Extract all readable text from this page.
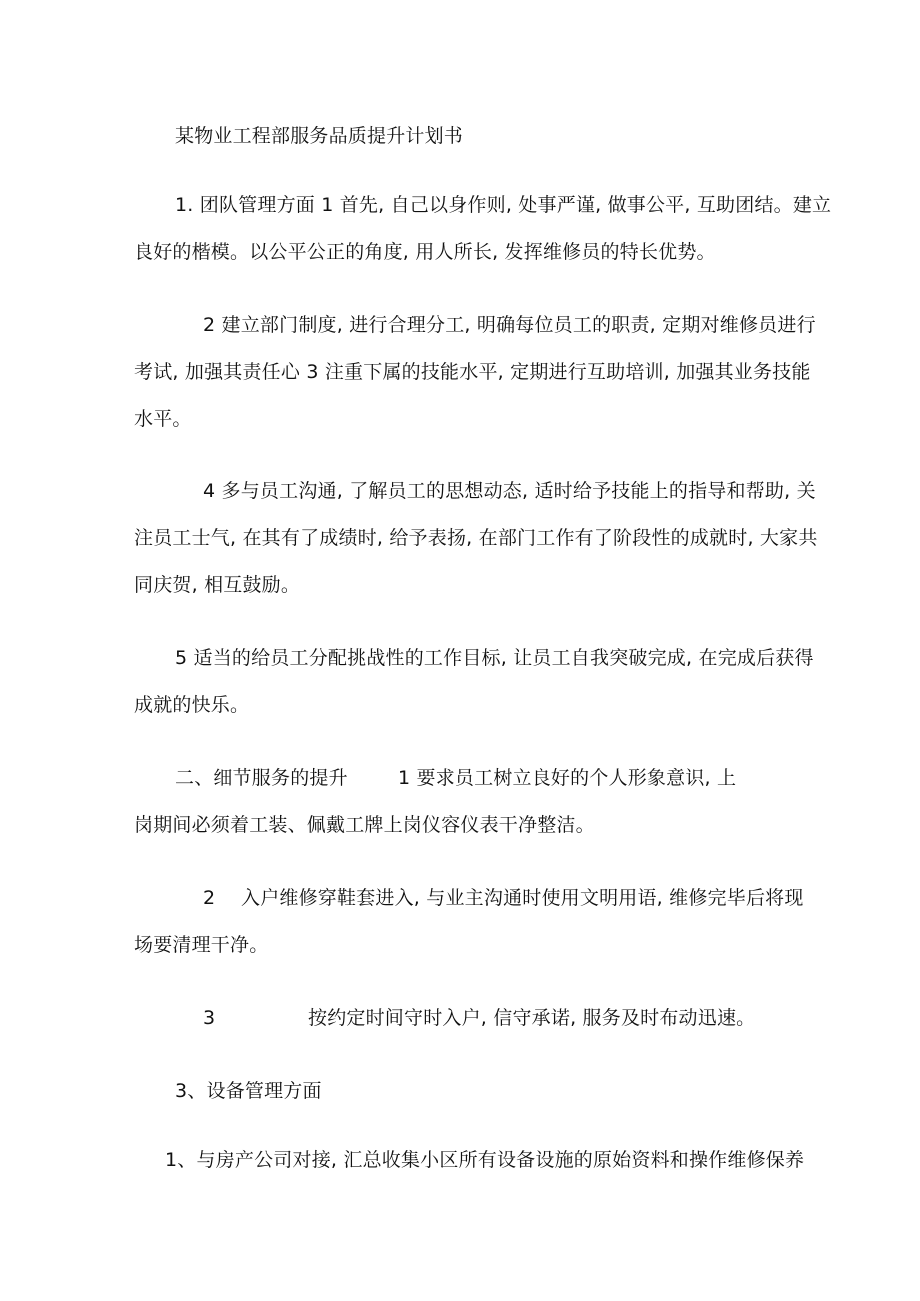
某物业工程部服务品质提升计划书
1. 团队管理方面 1 首先, 自己以身作则, 处事严谨, 做事公平, 互助团结。建立
良好的楷模。以公平公正的角度, 用人所长, 发挥维修员的特长优势。
2 建立部门制度, 进行合理分工, 明确每位员工的职责, 定期对维修员进行
考试, 加强其责任心 3 注重下属的技能水平, 定期进行互助培训, 加强其业务技能
水平。
4 多与员工沟通, 了解员工的思想动态, 适时给予技能上的指导和帮助, 关
注员工士气, 在其有了成绩时, 给予表扬, 在部门工作有了阶段性的成就时, 大家共
同庆贺, 相互鼓励。
5 适当的给员工分配挑战性的工作目标, 让员工自我突破完成, 在完成后获得
成就的快乐。
二、细节服务的提升	1 要求员工树立良好的个人形象意识, 上
岗期间必须着工装、佩戴工牌上岗仪容仪表干净整洁。
2 入户维修穿鞋套进入, 与业主沟通时使用文明用语, 维修完毕后将现
场要清理干净。
3	按约定时间守时入户, 信守承诺, 服务及时布动迅速。
3、设备管理方面
1、与房产公司对接, 汇总收集小区所有设备设施的原始资料和操作维修保养
